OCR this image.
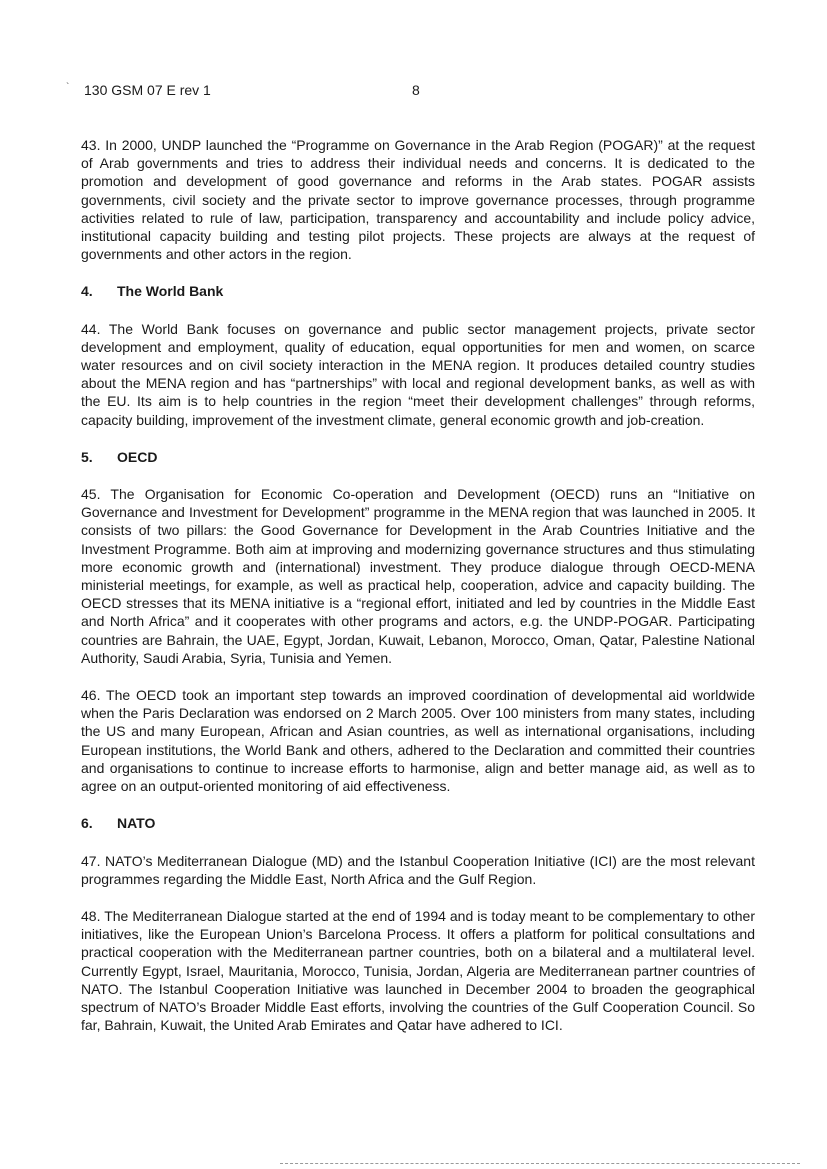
` 130 GSM 07 E rev 1	8

43. In 2000, UNDP launched the “Programme on Governance in the Arab Region (POGAR)” at the request of Arab governments and tries to address their individual needs and concerns. It is dedicated to the promotion and development of good governance and reforms in the Arab states. POGAR assists governments, civil society and the private sector to improve governance processes, through programme activities related to rule of law, participation, transparency and accountability and include policy advice, institutional capacity building and testing pilot projects. These projects are always at the request of governments and other actors in the region.

4. The World Bank

44. The World Bank focuses on governance and public sector management projects, private sector development and employment, quality of education, equal opportunities for men and women, on scarce water resources and on civil society interaction in the MENA region. It produces detailed country studies about the MENA region and has “partnerships” with local and regional development banks, as well as with the EU. Its aim is to help countries in the region “meet their development challenges” through reforms, capacity building, improvement of the investment climate, general economic growth and job-creation.

5. OECD

45. The Organisation for Economic Co-operation and Development (OECD) runs an “Initiative on Governance and Investment for Development” programme in the MENA region that was launched in 2005. It consists of two pillars: the Good Governance for Development in the Arab Countries Initiative and the Investment Programme. Both aim at improving and modernizing governance structures and thus stimulating more economic growth and (international) investment. They produce dialogue through OECD-MENA ministerial meetings, for example, as well as practical help, cooperation, advice and capacity building. The OECD stresses that its MENA initiative is a “regional effort, initiated and led by countries in the Middle East and North Africa” and it cooperates with other programs and actors, e.g. the UNDP-POGAR. Participating countries are Bahrain, the UAE, Egypt, Jordan, Kuwait, Lebanon, Morocco, Oman, Qatar, Palestine National Authority, Saudi Arabia, Syria, Tunisia and Yemen.

46. The OECD took an important step towards an improved coordination of developmental aid worldwide when the Paris Declaration was endorsed on 2 March 2005. Over 100 ministers from many states, including the US and many European, African and Asian countries, as well as international organisations, including European institutions, the World Bank and others, adhered to the Declaration and committed their countries and organisations to continue to increase efforts to harmonise, align and better manage aid, as well as to agree on an output-oriented monitoring of aid effectiveness.

6. NATO

47. NATO’s Mediterranean Dialogue (MD) and the Istanbul Cooperation Initiative (ICI) are the most relevant programmes regarding the Middle East, North Africa and the Gulf Region.

48. The Mediterranean Dialogue started at the end of 1994 and is today meant to be complementary to other initiatives, like the European Union’s Barcelona Process. It offers a platform for political consultations and practical cooperation with the Mediterranean partner countries, both on a bilateral and a multilateral level. Currently Egypt, Israel, Mauritania, Morocco, Tunisia, Jordan, Algeria are Mediterranean partner countries of NATO. The Istanbul Cooperation Initiative was launched in December 2004 to broaden the geographical spectrum of NATO’s Broader Middle East efforts, involving the countries of the Gulf Cooperation Council. So far, Bahrain, Kuwait, the United Arab Emirates and Qatar have adhered to ICI.
